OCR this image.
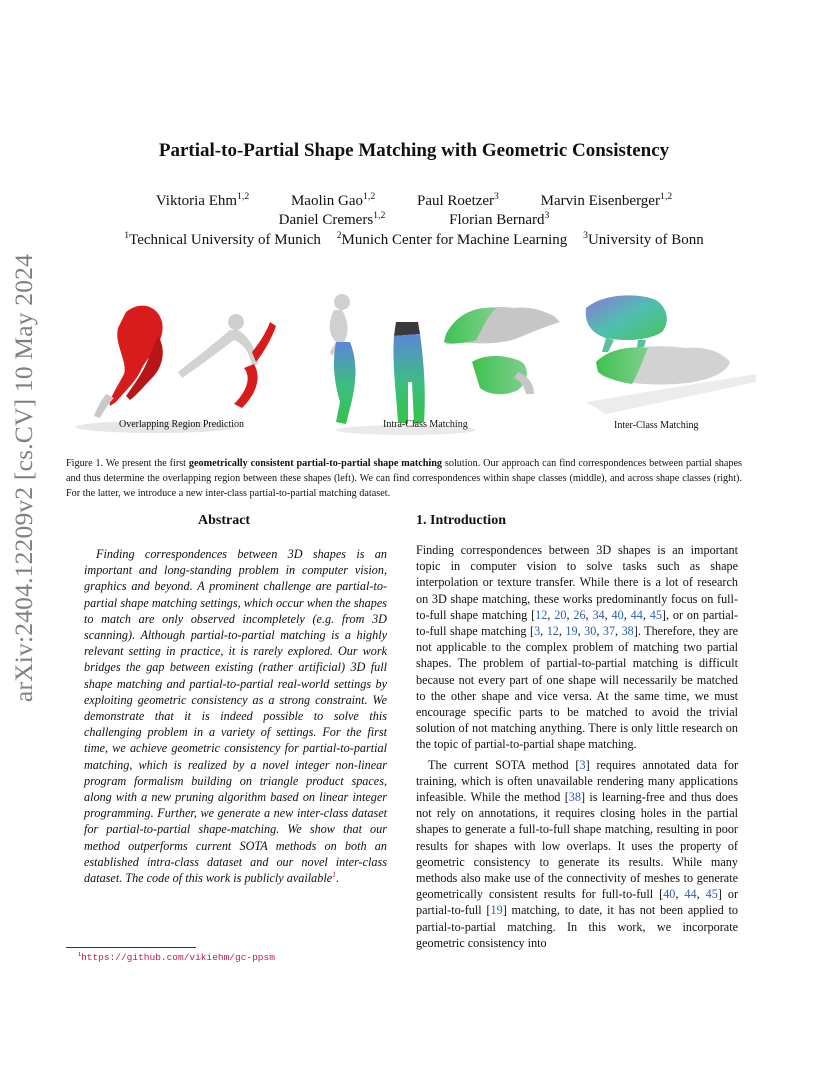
arXiv:2404.12209v2 [cs.CV] 10 May 2024
Partial-to-Partial Shape Matching with Geometric Consistency
Viktoria Ehm$^{1,2}$	Maolin Gao$^{1,2}$	Paul Roetzer$^3$	Marvin Eisenberger$^{1,2}$
Daniel Cremers$^{1,2}$	Florian Bernard$^3$
$^1$Technical University of Munich $^2$Munich Center for Machine Learning $^3$University of Bonn
Overlapping Region Prediction	Intra-Class Matching	Inter-Class Matching
Figure 1. We present the first geometrically consistent partial-to-partial shape matching solution. Our approach can find correspondences between partial shapes and thus determine the overlapping region between these shapes (left). We can find correspondences within shape classes (middle), and across shape classes (right). For the latter, we introduce a new inter-class partial-to-partial matching dataset.
Abstract

Finding correspondences between 3D shapes is an important and long-standing problem in computer vision, graphics and beyond. A prominent challenge are partial-to-partial shape matching settings, which occur when the shapes to match are only observed incompletely (e.g. from 3D scanning). Although partial-to-partial matching is a highly relevant setting in practice, it is rarely explored. Our work bridges the gap between existing (rather artificial) 3D full shape matching and partial-to-partial real-world settings by exploiting geometric consistency as a strong constraint. We demonstrate that it is indeed possible to solve this challenging problem in a variety of settings. For the first time, we achieve geometric consistency for partial-to-partial matching, which is realized by a novel integer non-linear program formalism building on triangle product spaces, along with a new pruning algorithm based on linear integer programming. Further, we generate a new inter-class dataset for partial-to-partial shape-matching. We show that our method outperforms current SOTA methods on both an established intra-class dataset and our novel inter-class dataset. The code of this work is publicly available$^1$.

1. Introduction

Finding correspondences between 3D shapes is an important topic in computer vision to solve tasks such as shape interpolation or texture transfer. While there is a lot of research on 3D shape matching, these works predominantly focus on full-to-full shape matching [12, 20, 26, 34, 40, 44, 45], or on partial-to-full shape matching [3, 12, 19, 30, 37, 38]. Therefore, they are not applicable to the complex problem of matching two partial shapes. The problem of partial-to-partial matching is difficult because not every part of one shape will necessarily be matched to the other shape and vice versa. At the same time, we must encourage specific parts to be matched to avoid the trivial solution of not matching anything. There is only little research on the topic of partial-to-partial shape matching.

The current SOTA method [3] requires annotated data for training, which is often unavailable rendering many applications infeasible. While the method [38] is learning-free and thus does not rely on annotations, it requires closing holes in the partial shapes to generate a full-to-full shape matching, resulting in poor results for shapes with low overlaps. It uses the property of geometric consistency to generate its results. While many methods also make use of the connectivity of meshes to generate geometrically consistent results for full-to-full [40, 44, 45] or partial-to-full [19] matching, to date, it has not been applied to partial-to-partial matching. In this work, we incorporate geometric consistency into

$^1$https://github.com/vikiehm/gc-ppsm
